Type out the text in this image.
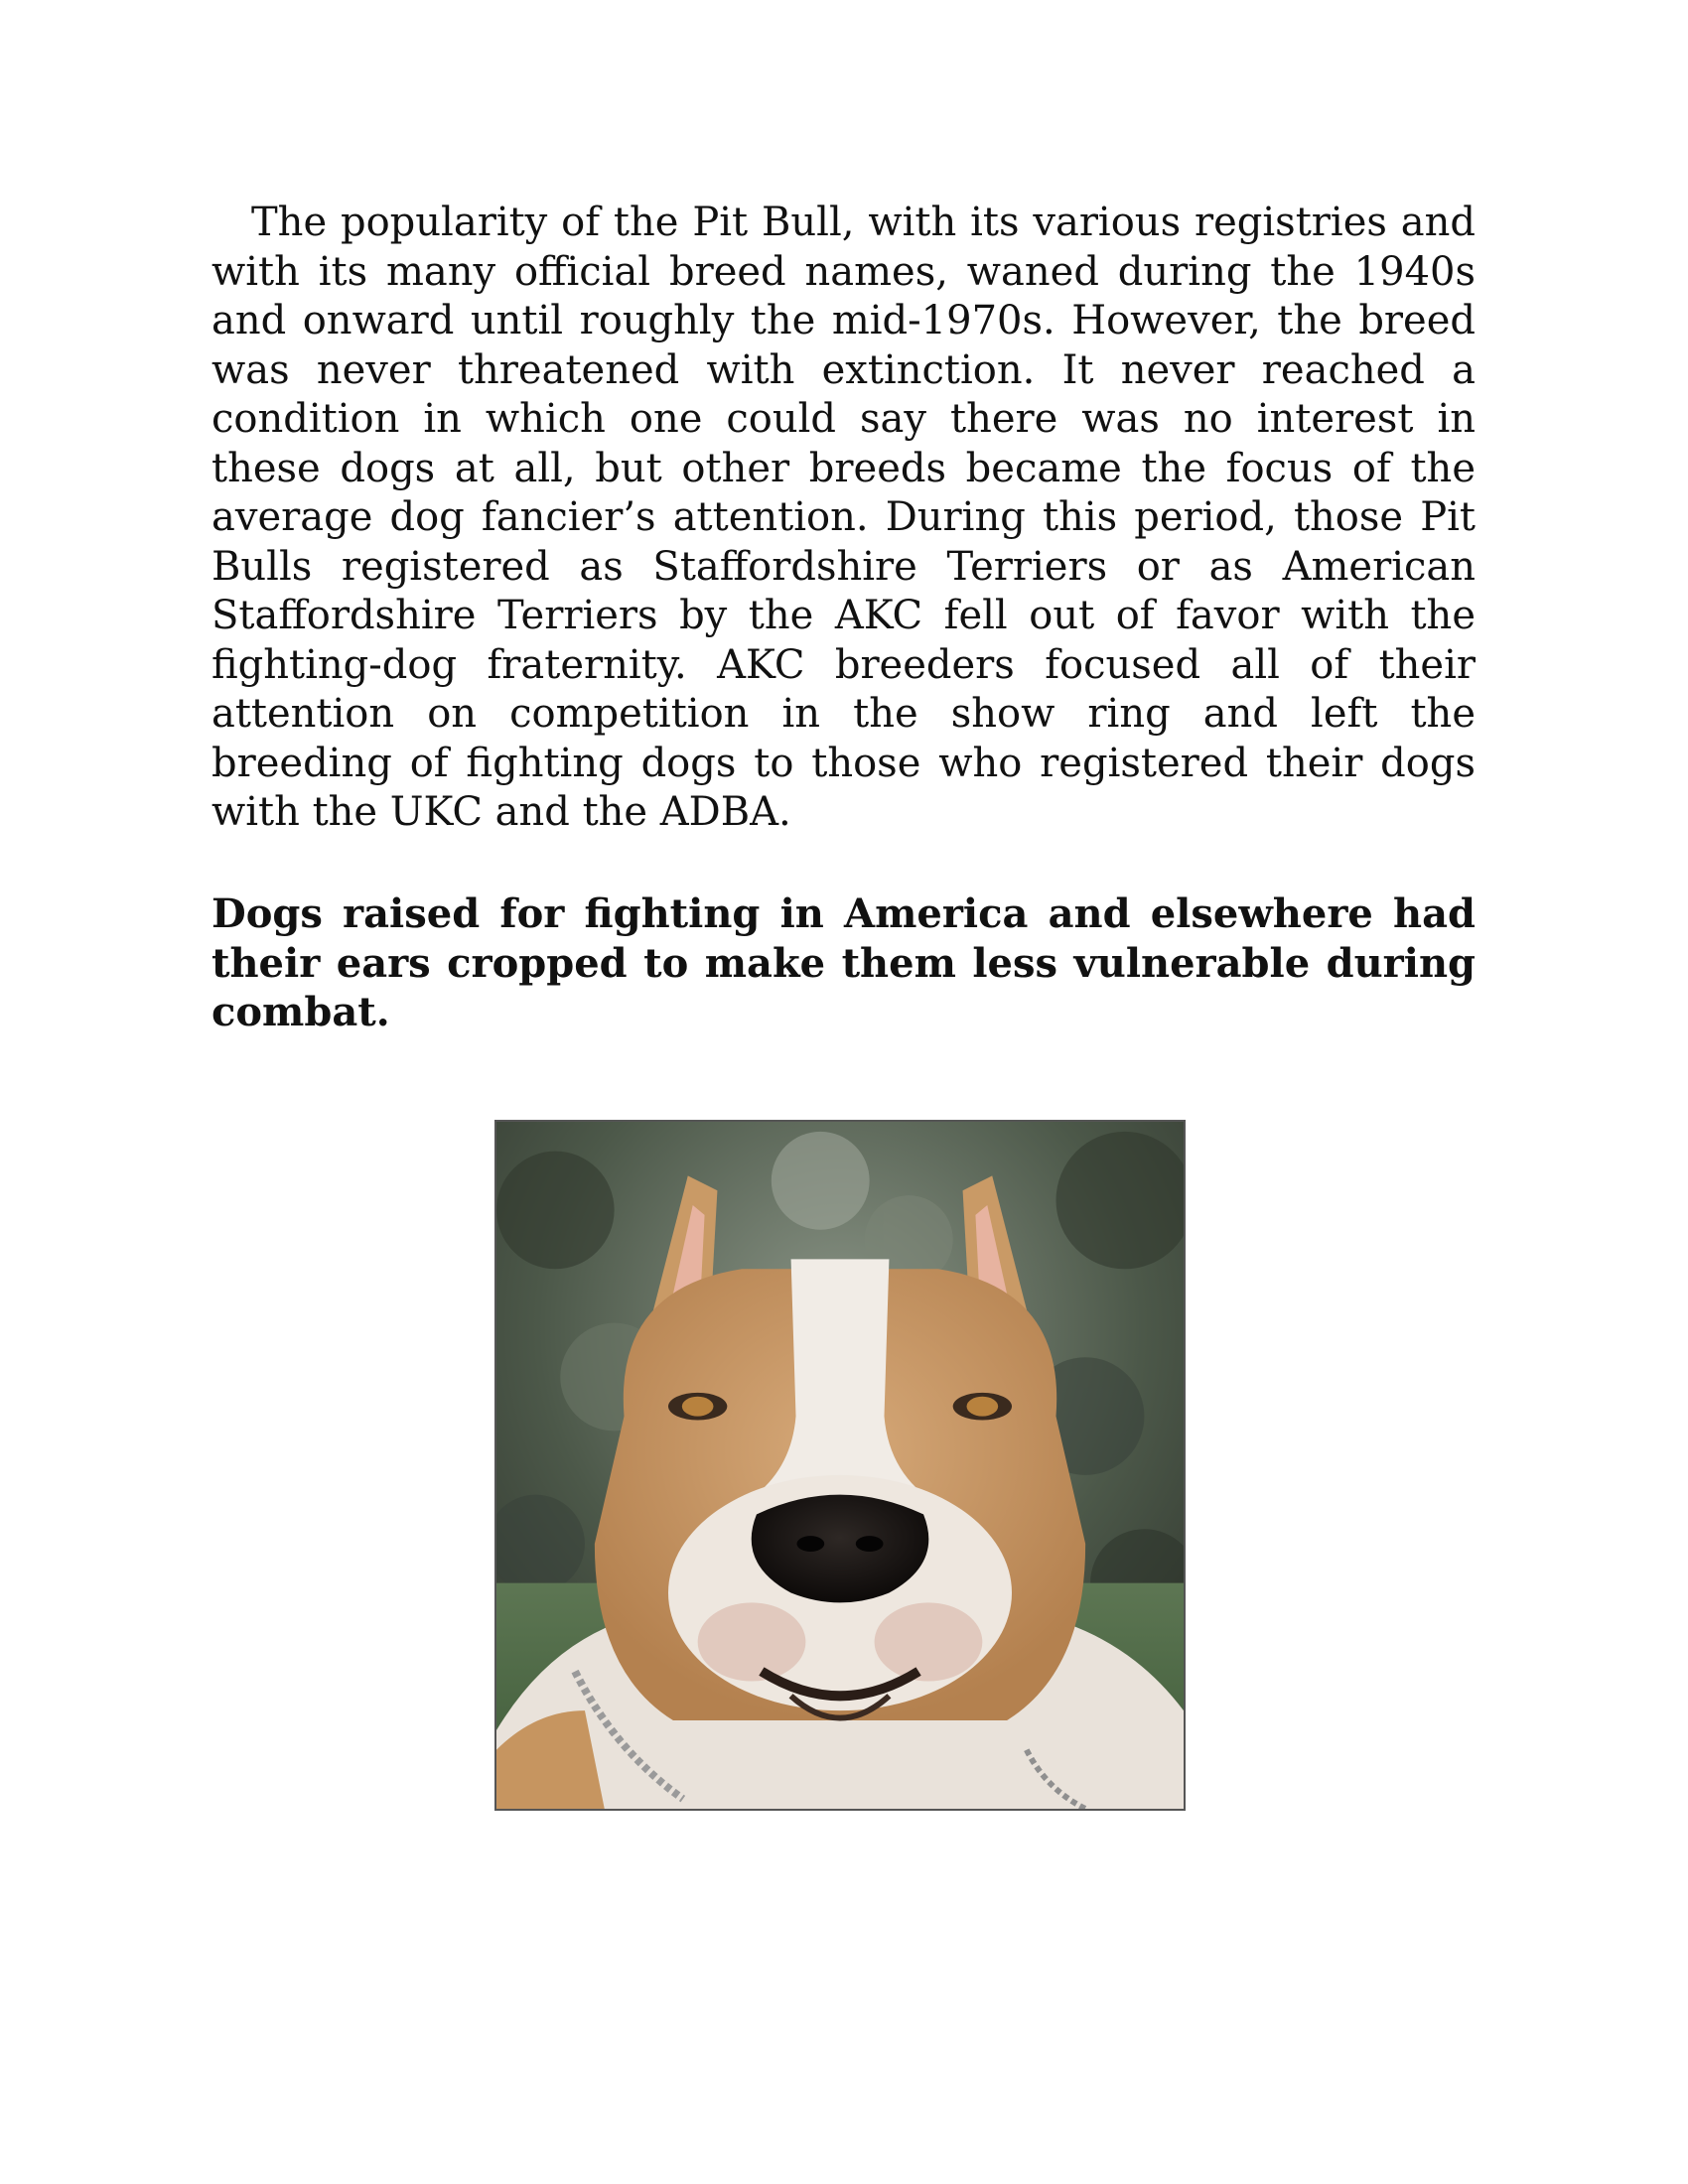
The popularity of the Pit Bull, with its various registries and with its many official breed names, waned during the 1940s and onward until roughly the mid-1970s. However, the breed was never threatened with extinction. It never reached a condition in which one could say there was no interest in these dogs at all, but other breeds became the focus of the average dog fancier’s attention. During this period, those Pit Bulls registered as Staffordshire Terriers or as American Staffordshire Terriers by the AKC fell out of favor with the fighting-dog fraternity. AKC breeders focused all of their attention on competition in the show ring and left the breeding of fighting dogs to those who registered their dogs with the UKC and the ADBA.

Dogs raised for fighting in America and elsewhere had their ears cropped to make them less vulnerable during combat.
